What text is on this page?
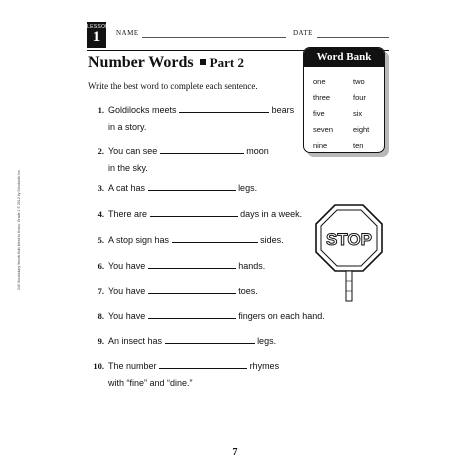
LESSON
1	NAME	DATE
Number Words Part 2
Write the best word to complete each sentence.
Word Bank
one	two
three	four
five	six
seven	eight
nine	ten
1. Goldilocks meets	bears
in a story.
2. You can see	moon
in the sky.
3. A cat has	legs.
4. There are	days in a week.
5. A stop sign has	sides.
6. You have	hands.
7. You have	toes.
8. You have	fingers on each hand.
9. An insect has	legs.
10. The number	rhymes
with “fine” and “dine.”
STOP
240 Vocabulary Words Kids Need to Know: Grade 1 © 2012 by Scholastic Inc.
7
